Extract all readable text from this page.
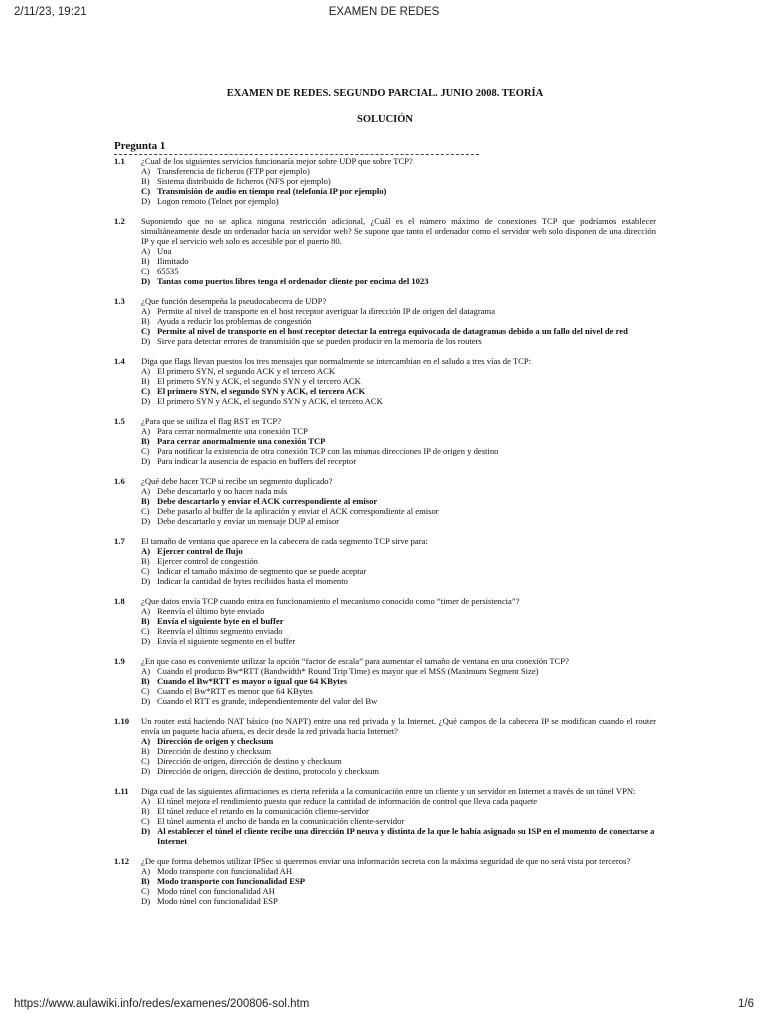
2/11/23, 19:21	EXAMEN DE REDES

EXAMEN DE REDES. SEGUNDO PARCIAL. JUNIO 2008. TEORÍA

SOLUCIÓN

Pregunta 1
1.1	¿Cual de los siguientes servicios funcionaría mejor sobre UDP que sobre TCP?
A) Transferencia de ficheros (FTP por ejemplo)
B) Sistema distribuido de ficheros (NFS por ejemplo)
C) Transmisión de audio en tiempo real (telefonía IP por ejemplo)
D) Logon remoto (Telnet por ejemplo)
1.2	Suponiendo que no se aplica ninguna restricción adicional, ¿Cuál es el número máximo de conexiones TCP que podríamos establecer simultáneamente desde un ordenador hacia un servidor web? Se supone que tanto el ordenador como el servidor web solo disponen de una dirección IP y que el servicio web solo es accesible por el puerto 80.
A) Una
B) Ilimitado
C) 65535
D) Tantas como puertos libres tenga el ordenador cliente por encima del 1023
1.3	¿Que función desempeña la pseudocabecera de UDP?
A) Permite al nivel de transporte en el host receptor averiguar la dirección IP de origen del datagrama
B) Ayuda a reducir los problemas de congestión
C) Permite al nivel de transporte en el host receptor detectar la entrega equivocada de datagramas debido a un fallo del nivel de red
D) Sirve para detectar errores de transmisión que se pueden producir en la memoria de los routers
1.4	Diga que flags llevan puestos los tres mensajes que normalmente se intercambian en el saludo a tres vías de TCP:
A) El primero SYN, el segundo ACK y el tercero ACK
B) El primero SYN y ACK, el segundo SYN y el tercero ACK
C) El primero SYN, el segundo SYN y ACK, el tercero ACK
D) El primero SYN y ACK, el segundo SYN y ACK, el tercero ACK
1.5	¿Para que se utiliza el flag RST en TCP?
A) Para cerrar normalmente una conexión TCP
B) Para cerrar anormalmente una conexión TCP
C) Para notificar la existencia de otra conexión TCP con las mismas direcciones IP de origen y destino
D) Para indicar la ausencia de espacio en buffers del receptor
1.6	¿Qué debe hacer TCP si recibe un segmento duplicado?
A) Debe descartarlo y no hacer nada más
B) Debe descartarlo y enviar el ACK correspondiente al emisor
C) Debe pasarlo al buffer de la aplicación y enviar el ACK correspondiente al emisor
D) Debe descartarlo y enviar un mensaje DUP al emisor
1.7	El tamaño de ventana que aparece en la cabecera de cada segmento TCP sirve para:
A) Ejercer control de flujo
B) Ejercer control de congestión
C) Indicar el tamaño máximo de segmento que se puede aceptar
D) Indicar la cantidad de bytes recibidos hasta el momento
1.8	¿Que datos envía TCP cuando entra en funcionamiento el mecanismo conocido como “timer de persistencia”?
A) Reenvía el último byte enviado
B) Envía el siguiente byte en el buffer
C) Reenvía el último segmento enviado
D) Envía el siguiente segmento en el buffer
1.9	¿En que caso es conveniente utilizar la opción “factor de escala” para aumentar el tamaño de ventana en una conexión TCP?
A) Cuando el producto Bw*RTT (Bandwidth* Round Trip Time) es mayor que el MSS (Maximum Segment Size)
B) Cuando el Bw*RTT es mayor o igual que 64 KBytes
C) Cuando el Bw*RTT es menor que 64 KBytes
D) Cuando el RTT es grande, independientemente del valor del Bw
1.10	Un router está haciendo NAT básico (no NAPT) entre una red privada y la Internet. ¿Qué campos de la cabecera IP se modifican cuando el router envía un paquete hacia afuera, es decir desde la red privada hacia Internet?
A) Dirección de origen y checksum
B) Dirección de destino y checksum
C) Dirección de origen, dirección de destino y checksum
D) Dirección de origen, dirección de destino, protocolo y checksum
1.11	Diga cual de las siguientes afirmaciones es cierta referida a la comunicación entre un cliente y un servidor en Internet a través de un túnel VPN:
A) El túnel mejora el rendimiento puesto que reduce la cantidad de información de control que lleva cada paquete
B) El túnel reduce el retardo en la comunicación cliente-servidor
C) El túnel aumenta el ancho de banda en la comunicación cliente-servidor
D) Al establecer el túnel el cliente recibe una dirección IP neuva y distinta de la que le había asignado su ISP en el momento de conectarse a Internet
1.12	¿De que forma debemos utilizar IPSec si queremos enviar una información secreta con la máxima seguridad de que no será vista por terceros?
A) Modo transporte con funcionalidad AH
B) Modo transporte con funcionalidad ESP
C) Modo túnel con funcionalidad AH
D) Modo túnel con funcionalidad ESP
https://www.aulawiki.info/redes/examenes/200806-sol.htm	1/6
